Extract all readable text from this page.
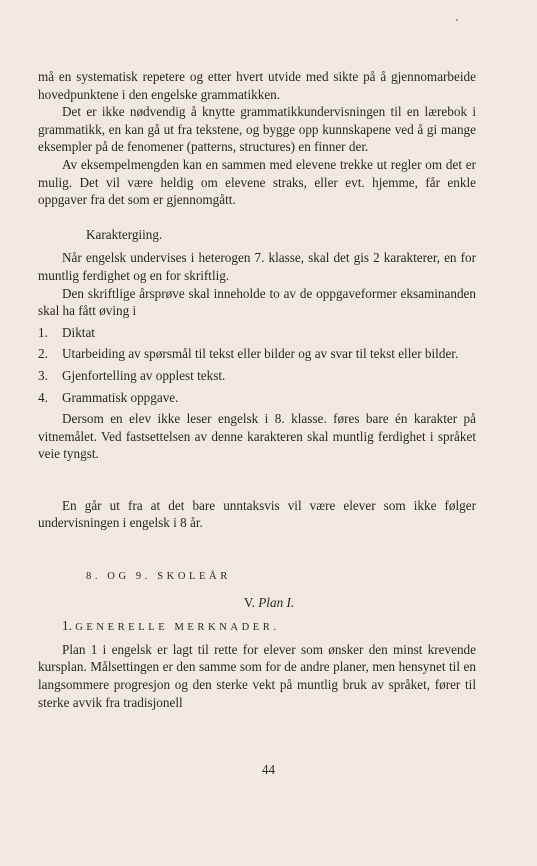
må en systematisk repetere og etter hvert utvide med sikte på å gjennomarbeide hovedpunktene i den engelske grammatikken.

Det er ikke nødvendig å knytte grammatikkundervisningen til en lærebok i grammatikk, en kan gå ut fra tekstene, og bygge opp kunnskapene ved å gi mange eksempler på de fenomener (patterns, structures) en finner der.

Av eksempelmengden kan en sammen med elevene trekke ut regler om det er mulig. Det vil være heldig om elevene straks, eller evt. hjemme, får enkle oppgaver fra det som er gjennomgått.

Karaktergiing.

Når engelsk undervises i heterogen 7. klasse, skal det gis 2 karakterer, en for muntlig ferdighet og en for skriftlig.

Den skriftlige årsprøve skal inneholde to av de oppgaveformer eksaminanden skal ha fått øving i

1.	Diktat
2.	Utarbeiding av spørsmål til tekst eller bilder og av svar til tekst eller bilder.
3.	Gjenfortelling av opplest tekst.
4.	Grammatisk oppgave.

Dersom en elev ikke leser engelsk i 8. klasse. føres bare én karakter på vitnemålet. Ved fastsettelsen av denne karakteren skal muntlig ferdighet i språket veie tyngst.

En går ut fra at det bare unntaksvis vil være elever som ikke følger undervisningen i engelsk i 8 år.

8. OG 9. SKOLEÅR

V. Plan I.

1. GENERELLE MERKNADER.

Plan 1 i engelsk er lagt til rette for elever som ønsker den minst krevende kursplan. Målsettingen er den samme som for de andre planer, men hensynet til en langsommere progresjon og den sterke vekt på muntlig bruk av språket, fører til sterke avvik fra tradisjonell

44
